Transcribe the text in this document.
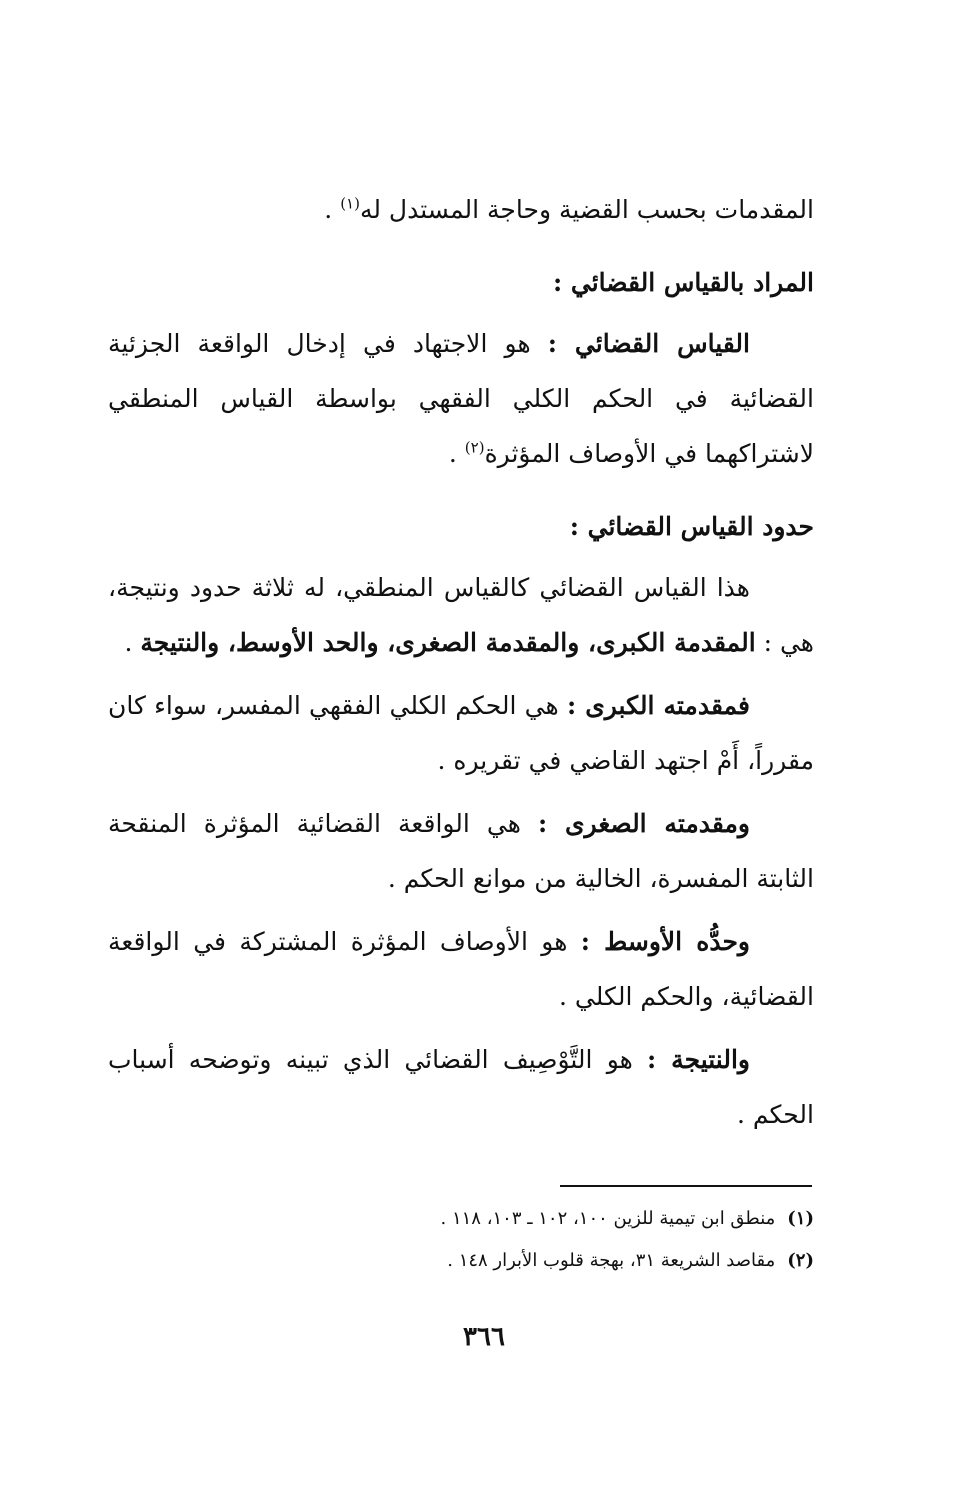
المقدمات بحسب القضية وحاجة المستدل له$^{(١)}$ .

المراد بالقياس القضائي :

القياس القضائي : هو الاجتهاد في إدخال الواقعة الجزئية القضائية في الحكم الكلي الفقهي بواسطة القياس المنطقي لاشتراكهما في الأوصاف المؤثرة$^{(٢)}$ .

حدود القياس القضائي :

هذا القياس القضائي كالقياس المنطقي، له ثلاثة حدود ونتيجة، هي : المقدمة الكبرى، والمقدمة الصغرى، والحد الأوسط، والنتيجة .

فمقدمته الكبرى : هي الحكم الكلي الفقهي المفسر، سواء كان مقرراً، أَمْ اجتهد القاضي في تقريره .

ومقدمته الصغرى : هي الواقعة القضائية المؤثرة المنقحة الثابتة المفسرة، الخالية من موانع الحكم .

وحدُّه الأوسط : هو الأوصاف المؤثرة المشتركة في الواقعة القضائية، والحكم الكلي .

والنتيجة : هو التَّوْصِيف القضائي الذي تبينه وتوضحه أسباب الحكم .

(١)منطق ابن تيمية للزين ١٠٠، ١٠٢ ـ ١٠٣، ١١٨ .
(٢)مقاصد الشريعة ٣١، بهجة قلوب الأبرار ١٤٨ .
٣٦٦
